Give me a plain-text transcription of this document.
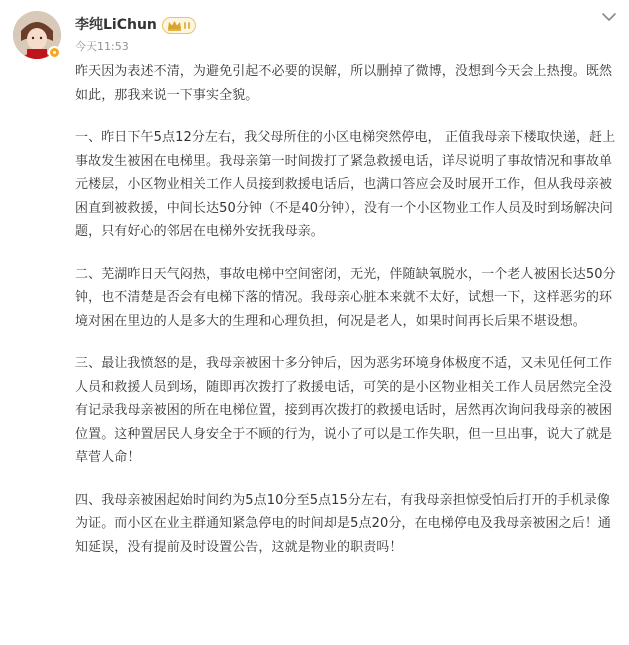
李纯LiChun
今天11:53

昨天因为表述不清，为避免引起不必要的误解，所以删掉了微博，没想到今天会上热搜。既然如此，那我来说一下事实全貌。

一、昨日下午5点12分左右，我父母所住的小区电梯突然停电， 正值我母亲下楼取快递，赶上事故发生被困在电梯里。我母亲第一时间拨打了紧急救援电话，详尽说明了事故情况和事故单元楼层，小区物业相关工作人员接到救援电话后，也满口答应会及时展开工作，但从我母亲被困直到被救援，中间长达50分钟（不是40分钟），没有一个小区物业工作人员及时到场解决问题，只有好心的邻居在电梯外安抚我母亲。

二、芜湖昨日天气闷热，事故电梯中空间密闭，无光，伴随缺氧脱水，一个老人被困长达50分钟，也不清楚是否会有电梯下落的情况。我母亲心脏本来就不太好，试想一下，这样恶劣的环境对困在里边的人是多大的生理和心理负担，何况是老人，如果时间再长后果不堪设想。

三、最让我愤怒的是，我母亲被困十多分钟后，因为恶劣环境身体极度不适，又未见任何工作人员和救援人员到场，随即再次拨打了救援电话，可笑的是小区物业相关工作人员居然完全没有记录我母亲被困的所在电梯位置，接到再次拨打的救援电话时，居然再次询问我母亲的被困位置。这种置居民人身安全于不顾的行为，说小了可以是工作失职，但一旦出事，说大了就是草菅人命！

四、我母亲被困起始时间约为5点10分至5点15分左右，有我母亲担惊受怕后打开的手机录像为证。而小区在业主群通知紧急停电的时间却是5点20分，在电梯停电及我母亲被困之后！通知延误，没有提前及时设置公告，这就是物业的职责吗！
